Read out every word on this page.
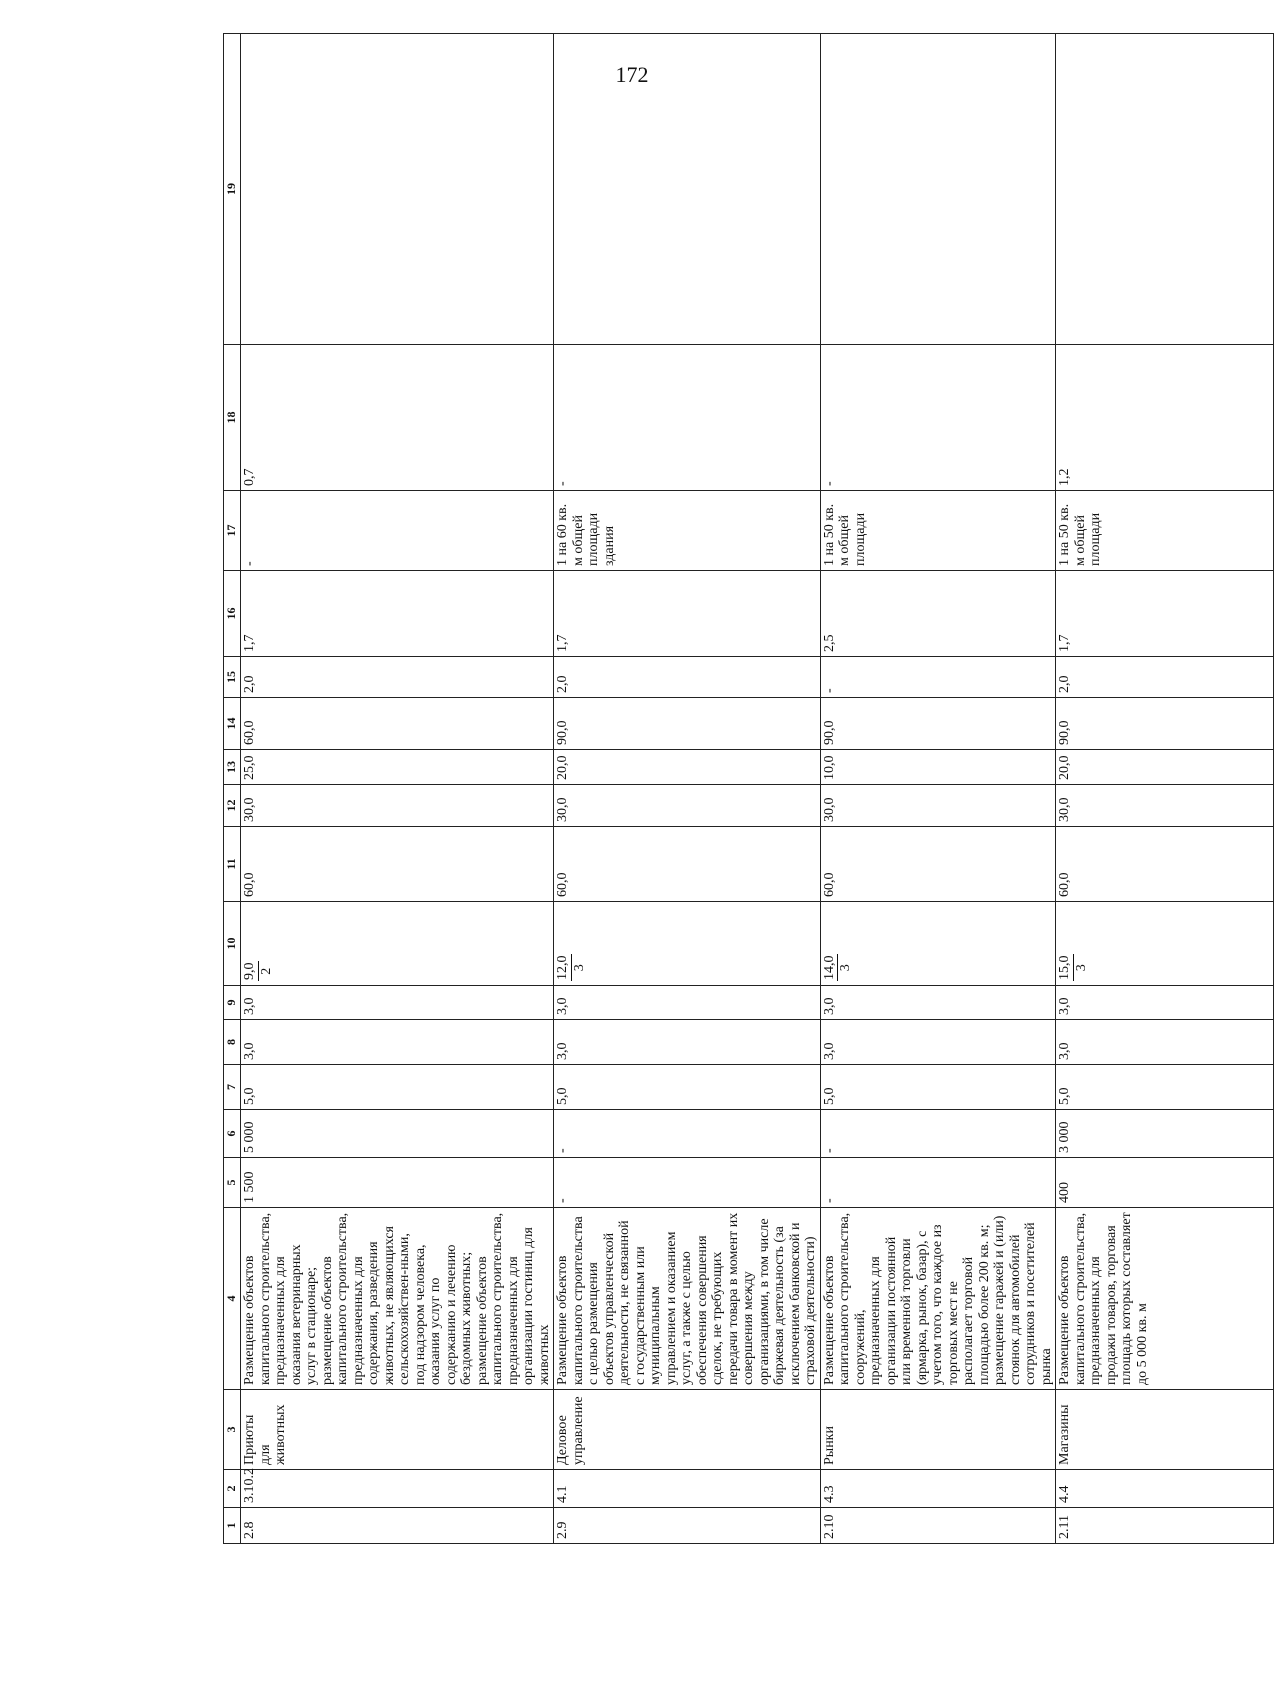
172
1	2	3	4	5	6	7	8	9	10	11	12	13	14	15	16	17	18	19
2.8	3.10.2	Приюты для животных	Размещение объектов капитального строительства, предназначенных для оказания ветеринарных услуг в стационаре; размещение объектов капитального строительства, предназначенных для содержания, разведения животных, не являющихся сельскохозяйствен-ными, под надзором человека, оказания услуг по содержанию и лечению бездомных животных; размещение объектов капитального строительства, предназначенных для организации гостиниц для животных	1 500	5 000	5,0	3,0	3,0	9,0 2	60,0	30,0	25,0	60,0	2,0	1,7	-	0,7	
2.9	4.1	Деловое управление	Размещение объектов капитального строительства с целью размещения объектов управленческой деятельности, не связанной с государственным или муниципальным управлением и оказанием услуг, а также с целью обеспечения совершения сделок, не требующих передачи товара в момент их совершения между организациями, в том числе биржевая деятельность (за исключением банковской и страховой деятельности)	-	-	5,0	3,0	3,0	12,0 3	60,0	30,0	20,0	90,0	2,0	1,7	1 на 60 кв. м общей площади здания	-	
2.10	4.3	Рынки	Размещение объектов капитального строительства, сооружений, предназначенных для организации постоянной или временной торговли (ярмарка, рынок, базар), с учетом того, что каждое из торговых мест не располагает торговой площадью более 200 кв. м; размещение гаражей и (или) стоянок для автомобилей сотрудников и посетителей рынка	-	-	5,0	3,0	3,0	14,0 3	60,0	30,0	10,0	90,0	-	2,5	1 на 50 кв. м общей площади	-	
2.11	4.4	Магазины	Размещение объектов капитального строительства, предназначенных для продажи товаров, торговая площадь которых составляет до 5 000 кв. м	400	3 000	5,0	3,0	3,0	15,0 3	60,0	30,0	20,0	90,0	2,0	1,7	1 на 50 кв. м общей площади	1,2	
